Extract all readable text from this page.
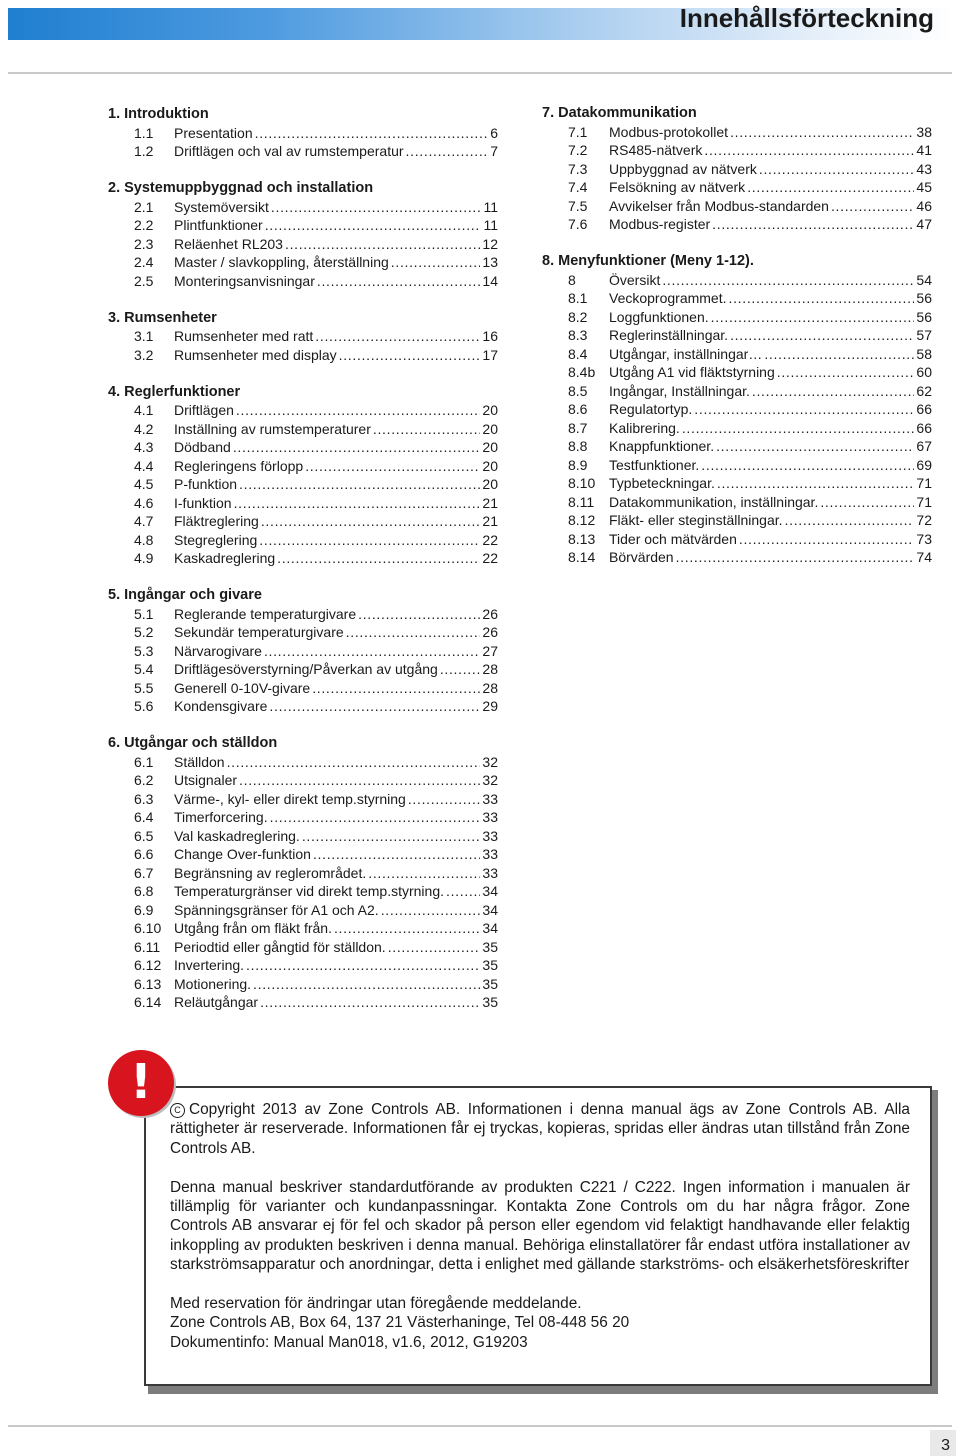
Innehållsförteckning
1. Introduktion
1.1	Presentation . . .	6
1.2	Driftlägen och val av rumstemperatur . . .	7
2. Systemuppbyggnad och installation
2.1	Systemöversikt . . .	11
2.2	Plintfunktioner . . .	11
2.3	Reläenhet RL203 . . .	12
2.4	Master / slavkoppling, återställning . . .	13
2.5	Monteringsanvisningar . . .	14
3. Rumsenheter
3.1	Rumsenheter med ratt . . .	16
3.2	Rumsenheter med display . . .	17
4. Reglerfunktioner
4.1	Driftlägen . . .	20
4.2	Inställning av rumstemperaturer . . .	20
4.3	Dödband . . .	20
4.4	Regleringens förlopp . . .	20
4.5	P-funktion . . .	20
4.6	I-funktion . . .	21
4.7	Fläktreglering . . .	21
4.8	Stegreglering . . .	22
4.9	Kaskadreglering . . .	22
5. Ingångar och givare
5.1	Reglerande temperaturgivare . . .	26
5.2	Sekundär temperaturgivare . . .	26
5.3	Närvarogivare . . .	27
5.4	Driftlägesöverstyrning/Påverkan av utgång . . .	28
5.5	Generell 0-10V-givare . . .	28
5.6	Kondensgivare . . .	29
6. Utgångar och ställdon
6.1	Ställdon . . .	32
6.2	Utsignaler . . .	32
6.3	Värme-, kyl- eller direkt temp.styrning . . .	33
6.4	Timerforcering. . . .	33
6.5	Val kaskadreglering. . . .	33
6.6	Change Over-funktion . . .	33
6.7	Begränsning av reglerområdet. . . .	33
6.8	Temperaturgränser vid direkt temp.styrning. . . .	34
6.9	Spänningsgränser för A1 och A2. . . .	34
6.10 Utgång från om fläkt från. . . .	34
6.11 Periodtid eller gångtid för ställdon. . . .	35
6.12 Invertering. . . .	35
6.13 Motionering. . . .	35
6.14 Reläutgångar . . .	35
7. Datakommunikation
7.1	Modbus-protokollet . . .	38
7.2	RS485-nätverk . . .	41
7.3	Uppbyggnad av nätverk . . .	43
7.4	Felsökning av nätverk . . .	45
7.5	Avvikelser från Modbus-standarden . . .	46
7.6	Modbus-register . . .	47
8. Menyfunktioner (Meny 1-12).
8	Översikt . . .	54
8.1	Veckoprogrammet. . . .	56
8.2	Loggfunktionen. . . .	56
8.3	Reglerinställningar. . . .	57
8.4	Utgångar, inställningar… . . .	58
8.4b Utgång A1 vid fläktstyrning . . .	60
8.5	Ingångar, Inställningar. . . .	62
8.6	Regulatortyp. . . .	66
8.7	Kalibrering. . . .	66
8.8	Knappfunktioner. . . .	67
8.9	Testfunktioner. . . .	69
8.10 Typbeteckningar. . . .	71
8.11	Datakommunikation, inställningar. . . .	71
8.12 Fläkt- eller steginställningar. . . .	72
8.13 Tider och mätvärden . . .	73
8.14 Börvärden . . .	74

C Copyright 2013 av Zone Controls AB. Informationen i denna manual ägs av Zone Controls AB. Alla rättigheter är reserverade. Informationen får ej tryckas, kopieras, spridas eller ändras utan tillstånd från Zone Controls AB.

Denna manual beskriver standardutförande av produkten C221 / C222. Ingen information i manualen är tillämplig för varianter och kundanpassningar. Kontakta Zone Controls om du har några frågor. Zone Controls AB ansvarar ej för fel och skador på person eller egendom vid felaktigt handhavande eller felaktig inkoppling av produkten beskriven i denna manual. Behöriga elinstallatörer får endast utföra installationer av starkströmsapparatur och anordningar, detta i enlighet med gällande starkströms- och elsäkerhetsföreskrifter

Med reservation för ändringar utan föregående meddelande.
Zone Controls AB, Box 64, 137 21 Västerhaninge, Tel 08-448 56 20
Dokumentinfo: Manual Man018, v1.6, 2012, G19203

!
3
